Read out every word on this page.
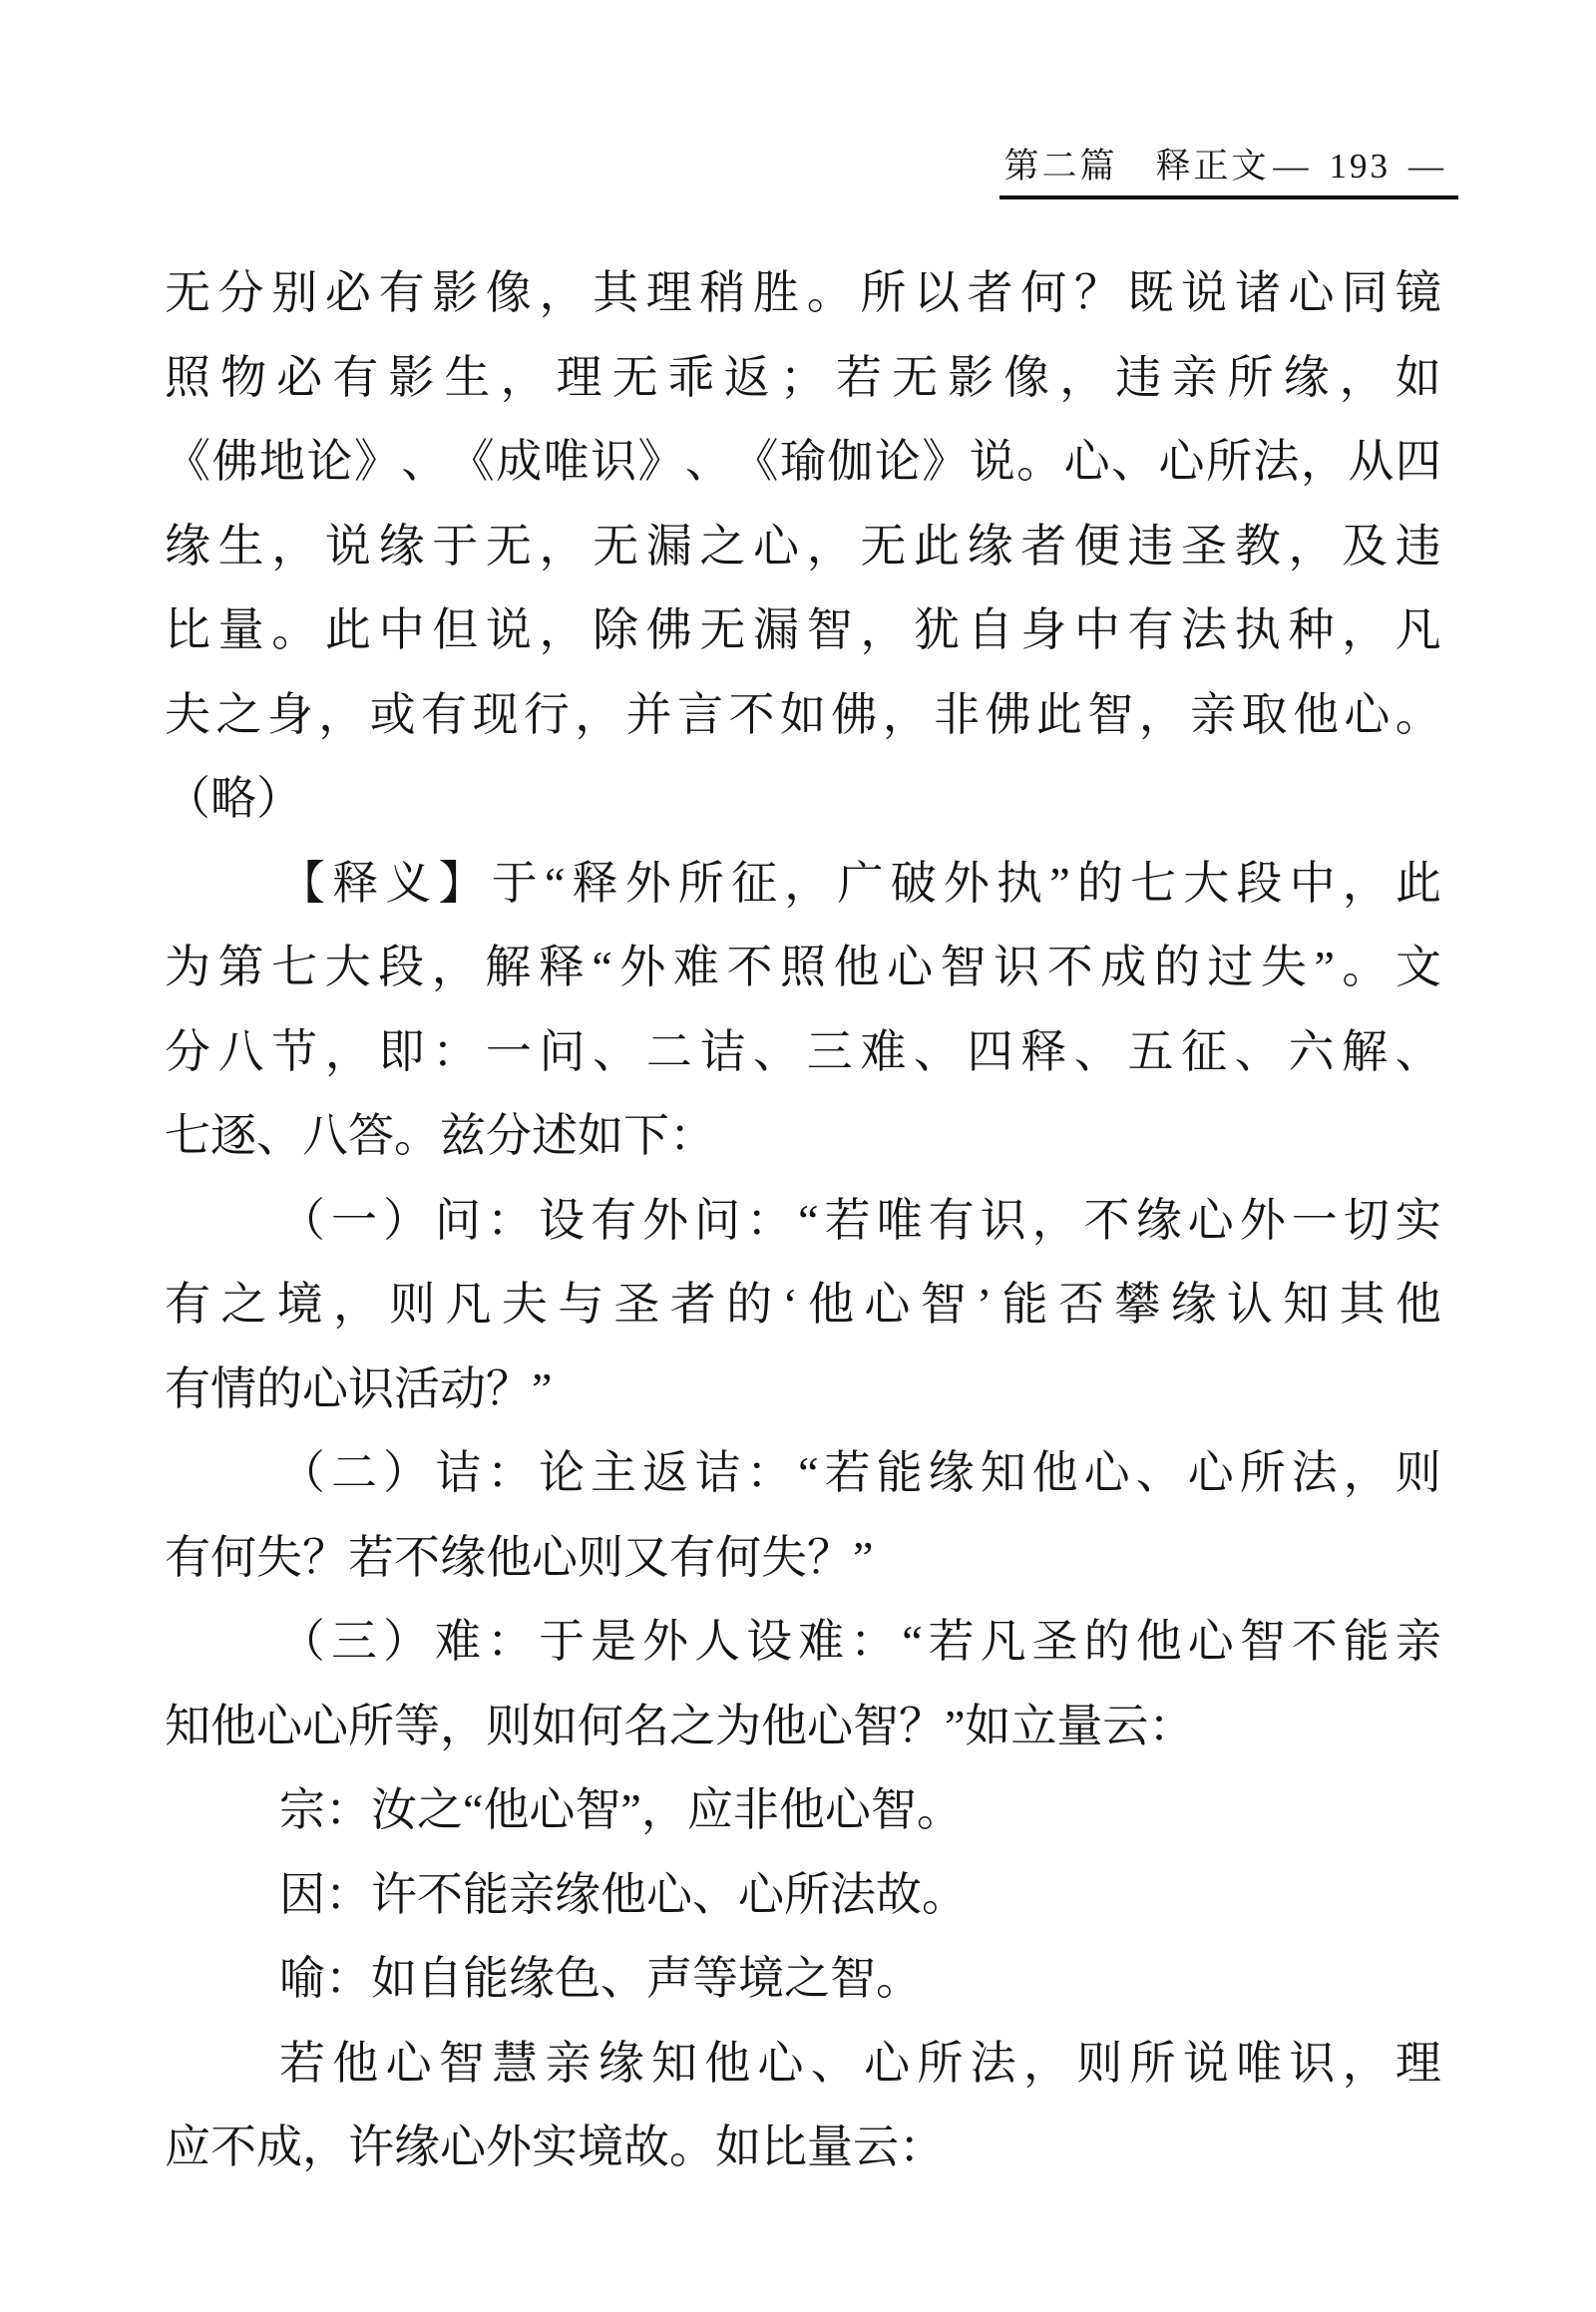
第二篇　释正文 — 193 —
无 分 别 必 有 影 像 ， 其 理 稍 胜 。 所 以 者 何 ？ 既 说 诸 心 同 镜
照 物 必 有 影 生 ， 理 无 乖 返 ； 若 无 影 像 ， 违 亲 所 缘 ， 如
《 佛 地 论 》 、 《 成 唯 识 》 、 《 瑜 伽 论 》 说 。 心 、 心 所 法 ， 从 四
缘 生 ， 说 缘 于 无 ， 无 漏 之 心 ， 无 此 缘 者 便 违 圣 教 ， 及 违
比 量 。 此 中 但 说 ， 除 佛 无 漏 智 ， 犹 自 身 中 有 法 执 种 ， 凡
夫 之 身 ， 或 有 现 行 ， 并 言 不 如 佛 ， 非 佛 此 智 ， 亲 取 他 心 。
（略）
【 释 义 】 于 “ 释 外 所 征 ， 广 破 外 执 ” 的 七 大 段 中 ， 此
为 第 七 大 段 ， 解 释 “ 外 难 不 照 他 心 智 识 不 成 的 过 失 ” 。 文
分 八 节 ， 即 ： 一 问 、 二 诘 、 三 难 、 四 释 、 五 征 、 六 解 、
七逐、八答。兹分述如下：
（ 一 ） 问 ： 设 有 外 问 ： “ 若 唯 有 识 ， 不 缘 心 外 一 切 实
有 之 境 ， 则 凡 夫 与 圣 者 的 ‘ 他 心 智 ’ 能 否 攀 缘 认 知 其 他
有情的心识活动？”
（ 二 ） 诘 ： 论 主 返 诘 ： “ 若 能 缘 知 他 心 、 心 所 法 ， 则
有何失？若不缘他心则又有何失？”
（ 三 ） 难 ： 于 是 外 人 设 难 ： “ 若 凡 圣 的 他 心 智 不 能 亲
知他心心所等，则如何名之为他心智？”如立量云：
宗：汝之“他心智”，应非他心智。
因：许不能亲缘他心、心所法故。
喻：如自能缘色、声等境之智。
若 他 心 智 慧 亲 缘 知 他 心 、 心 所 法 ， 则 所 说 唯 识 ， 理
应不成，许缘心外实境故。如比量云：
